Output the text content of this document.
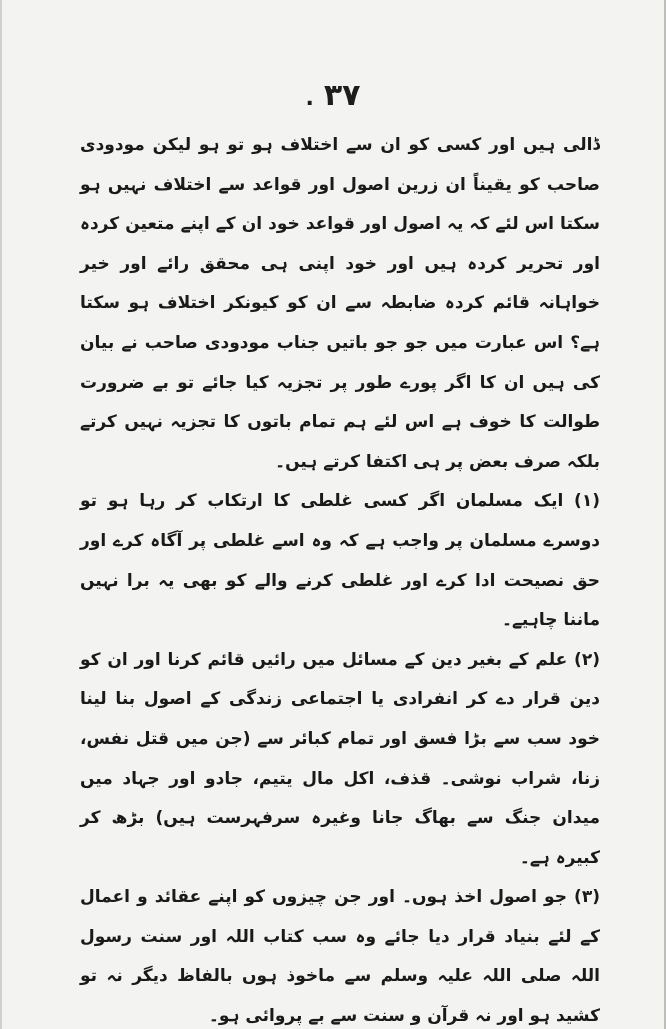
. ۳۷

ڈالی ہیں اور کسی کو ان سے اختلاف ہو تو ہو لیکن مودودی صاحب کو یقیناً ان زرین اصول اور قواعد سے اختلاف نہیں ہو سکتا اس لئے کہ یہ اصول اور قواعد خود ان کے اپنے متعین کردہ اور تحریر کردہ ہیں اور خود اپنی ہی محقق رائے اور خیر خواہانہ قائم کردہ ضابطہ سے ان کو کیونکر اختلاف ہو سکتا ہے؟ اس عبارت میں جو جو باتیں جناب مودودی صاحب نے بیان کی ہیں ان کا اگر پورے طور پر تجزیہ کیا جائے تو بے ضرورت طوالت کا خوف ہے اس لئے ہم تمام باتوں کا تجزیہ نہیں کرتے بلکہ صرف بعض پر ہی اکتفا کرتے ہیں۔

(۱) ایک مسلمان اگر کسی غلطی کا ارتکاب کر رہا ہو تو دوسرے مسلمان پر واجب ہے کہ وہ اسے غلطی پر آگاہ کرے اور حق نصیحت ادا کرے اور غلطی کرنے والے کو بھی یہ برا نہیں ماننا چاہیے۔

(۲) علم کے بغیر دین کے مسائل میں رائیں قائم کرنا اور ان کو دین قرار دے کر انفرادی یا اجتماعی زندگی کے اصول بنا لینا خود سب سے بڑا فسق اور تمام کبائر سے (جن میں قتل نفس، زنا، شراب نوشی۔ قذف، اکل مال یتیم، جادو اور جہاد میں میدان جنگ سے بھاگ جانا وغیرہ سرفہرست ہیں) بڑھ کر کبیرہ ہے۔

(۳) جو اصول اخذ ہوں۔ اور جن چیزوں کو اپنے عقائد و اعمال کے لئے بنیاد قرار دیا جائے وہ سب کتاب اللہ اور سنت رسول اللہ صلی اللہ علیہ وسلم سے ماخوذ ہوں بالفاظ دیگر نہ تو کشید ہو اور نہ قرآن و سنت سے بے پروائی ہو۔
